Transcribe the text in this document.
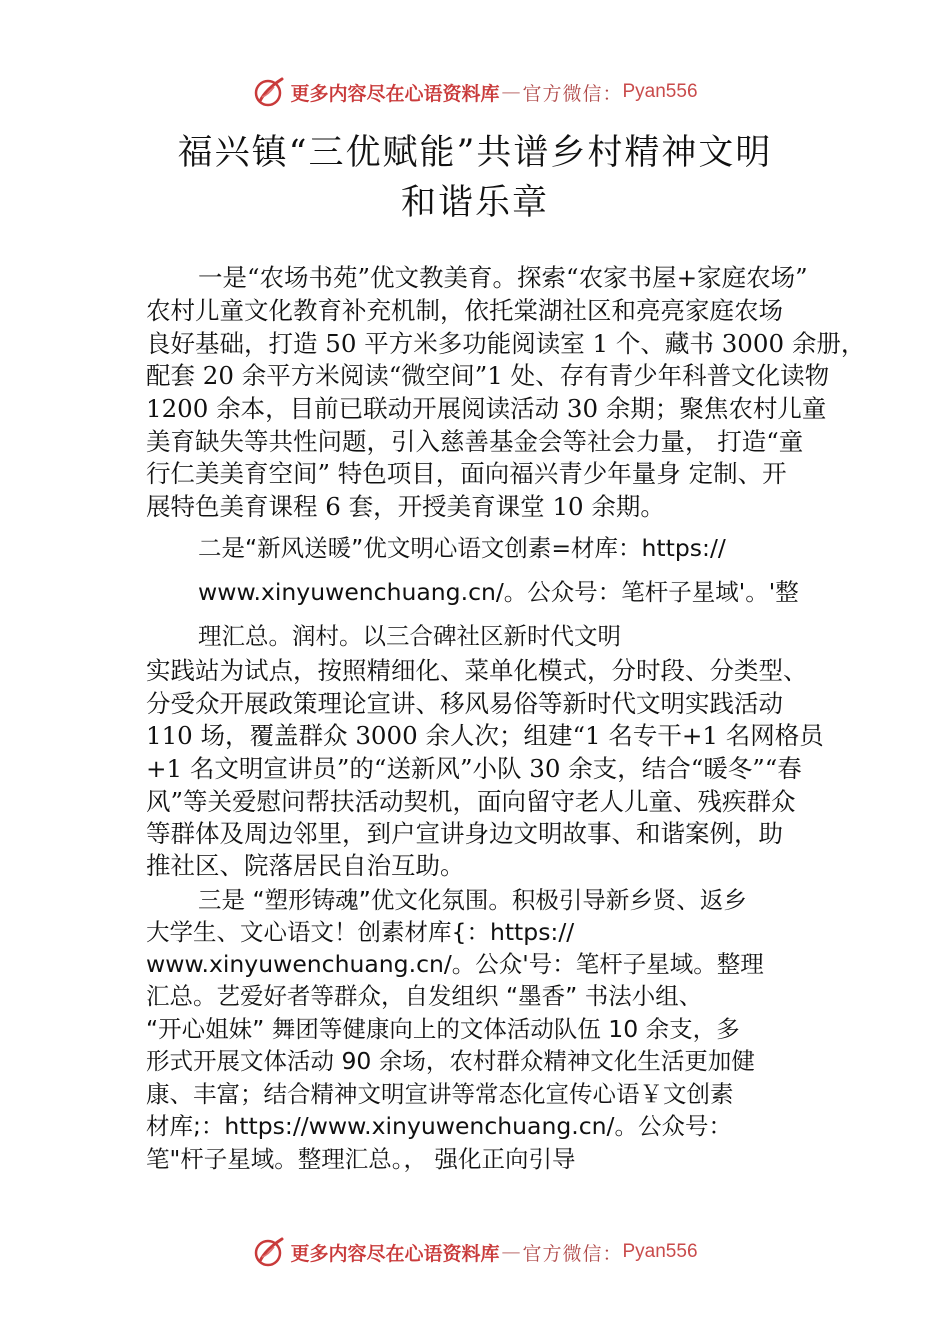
更多内容尽在心语资料库 — 官方微信： Pyan556
福兴镇“三优赋能”共谱乡村精神文明
和谐乐章
一是“农场书苑”优文教美育。探索“农家书屋+家庭农场”
农村儿童文化教育补充机制，依托棠湖社区和亮亮家庭农场
良好基础，打造 50 平方米多功能阅读室 1 个、藏书 3000 余册，
配套 20 余平方米阅读“微空间”1 处、存有青少年科普文化读物
1200 余本，目前已联动开展阅读活动 30 余期；聚焦农村儿童
美育缺失等共性问题，引入慈善基金会等社会力量， 打造“童
行仁美美育空间” 特色项目，面向福兴青少年量身 定制、开
展特色美育课程 6 套，开授美育课堂 10 余期。
二是“新风送暖”优文明心语文创素=材库：https://
www.xinyuwenchuang.cn/。公众号：笔杆子星域'。'整
理汇总。润村。以三合碑社区新时代文明
实践站为试点，按照精细化、菜单化模式，分时段、分类型、
分受众开展政策理论宣讲、移风易俗等新时代文明实践活动
110 场，覆盖群众 3000 余人次；组建“1 名专干+1 名网格员
+1 名文明宣讲员”的“送新风”小队 30 余支，结合“暖冬”“春
风”等关爱慰问帮扶活动契机，面向留守老人儿童、残疾群众
等群体及周边邻里，到户宣讲身边文明故事、和谐案例，助
推社区、院落居民自治互助。
三是 “塑形铸魂”优文化氛围。积极引导新乡贤、返乡
大学生、文心语文！创素材库{：https://
www.xinyuwenchuang.cn/。公众'号：笔杆子星域。整理
汇总。艺爱好者等群众，自发组织 “墨香” 书法小组、
“开心姐妹” 舞团等健康向上的文体活动队伍 10 余支，多
形式开展文体活动 90 余场，农村群众精神文化生活更加健
康、丰富；结合精神文明宣讲等常态化宣传心语￥文创素
材库;：https://www.xinyuwenchuang.cn/。公众号：
笔"杆子星域。整理汇总。， 强化正向引导
更多内容尽在心语资料库 — 官方微信： Pyan556
